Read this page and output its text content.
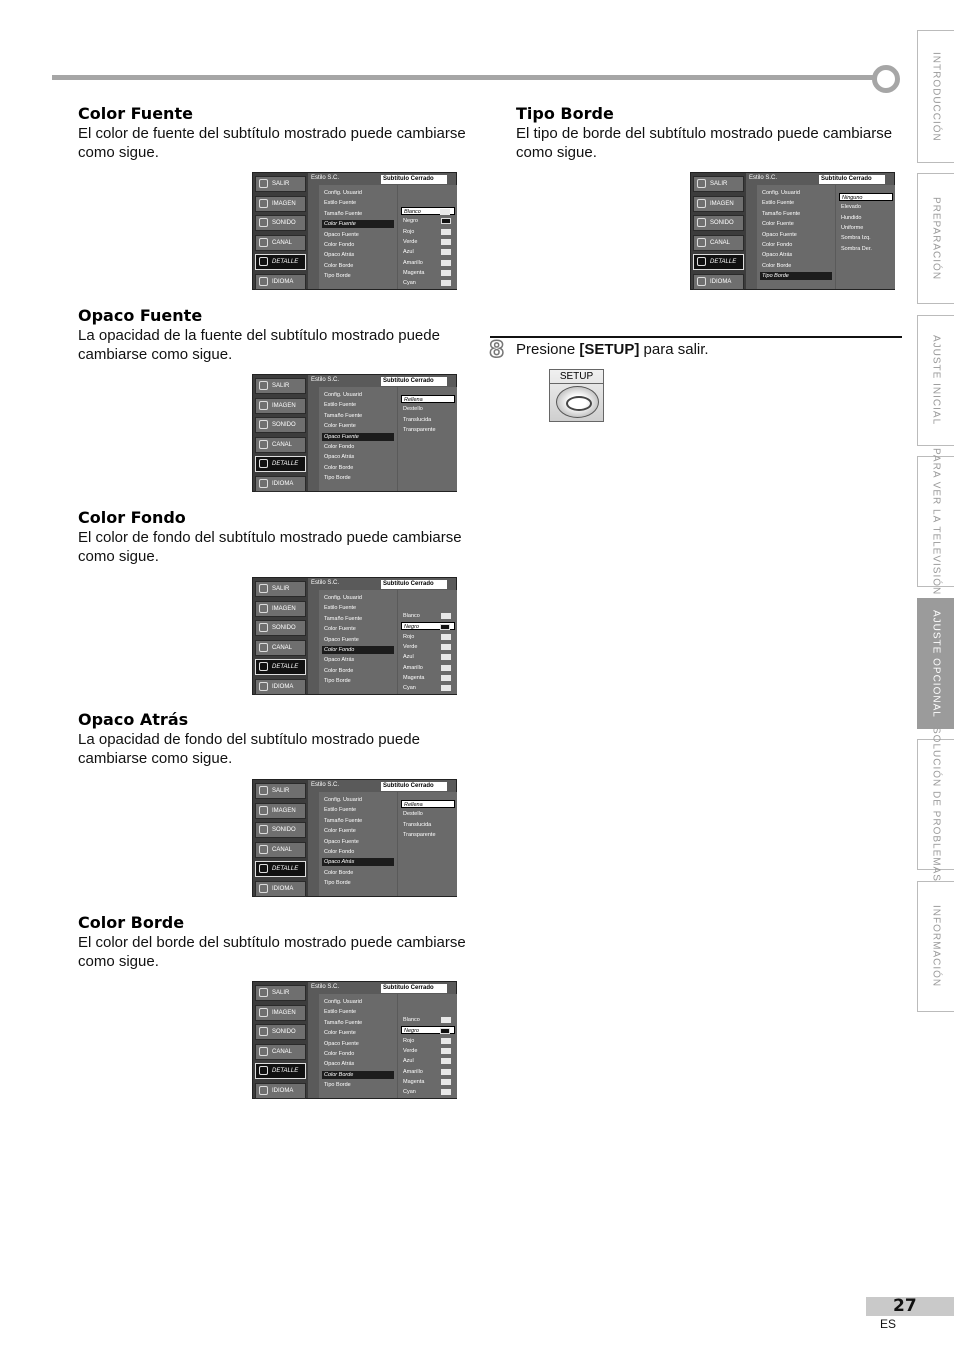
INTRODUCCIÓN
PREPARACIÓN
AJUSTE INICIAL
PARA VER LA TELEVISIÓN
AJUSTE OPCIONAL
SOLUCIÓN DE PROBLEMAS
INFORMACIÓN
Color Fuente

El color de fuente del subtítulo mostrado puede cambiarse como sigue.

Opaco Fuente

La opacidad de la fuente del subtítulo mostrado puede cambiarse como sigue.

Color Fondo

El color de fondo del subtítulo mostrado puede cambiarse como sigue.

Opaco Atrás

La opacidad de fondo del subtítulo mostrado puede cambiarse como sigue.

Color Borde

El color del borde del subtítulo mostrado puede cambiarse como sigue.

Tipo Borde

El tipo de borde del subtítulo mostrado puede cambiarse como sigue.

SALIR
IMAGEN
SONIDO
CANAL
DETALLE
IDIOMA
Estilo S.C.	Subtítulo Cerrado
Config. Usuarid
Estilo Fuente
Tamaño Fuente
Color Fuente
Opaco Fuente
Color Fondo
Opaco Atrás
Color Borde
Tipo Borde
Blanco
Negro
Rojo
Verde
Azul
Amarillo
Magenta
Cyan
SALIR
IMAGEN
SONIDO
CANAL
DETALLE
IDIOMA
Estilo S.C.	Subtítulo Cerrado
Config. Usuarid
Estilo Fuente
Tamaño Fuente
Color Fuente
Opaco Fuente
Color Fondo
Opaco Atrás
Color Borde
Tipo Borde
Rellena
Destello
Translucida
Transparente
SALIR
IMAGEN
SONIDO
CANAL
DETALLE
IDIOMA
Estilo S.C.	Subtítulo Cerrado
Config. Usuarid
Estilo Fuente
Tamaño Fuente
Color Fuente
Opaco Fuente
Color Fondo
Opaco Atrás
Color Borde
Tipo Borde
Blanco
Negro
Rojo
Verde
Azul
Amarillo
Magenta
Cyan
SALIR
IMAGEN
SONIDO
CANAL
DETALLE
IDIOMA
Estilo S.C.	Subtítulo Cerrado
Config. Usuarid
Estilo Fuente
Tamaño Fuente
Color Fuente
Opaco Fuente
Color Fondo
Opaco Atrás
Color Borde
Tipo Borde
Rellena
Destello
Translucida
Transparente
SALIR
IMAGEN
SONIDO
CANAL
DETALLE
IDIOMA
Estilo S.C.	Subtítulo Cerrado
Config. Usuarid
Estilo Fuente
Tamaño Fuente
Color Fuente
Opaco Fuente
Color Fondo
Opaco Atrás
Color Borde
Tipo Borde
Blanco
Negro
Rojo
Verde
Azul
Amarillo
Magenta
Cyan
SALIR
IMAGEN
SONIDO
CANAL
DETALLE
IDIOMA
Estilo S.C.	Subtítulo Cerrado
Config. Usuarid
Estilo Fuente
Tamaño Fuente
Color Fuente
Opaco Fuente
Color Fondo
Opaco Atrás
Color Borde
Tipo Borde
Ninguno
Elevado
Hundido
Uniforme
Sombra Izq.
Sombra Der.
8 Presione [SETUP] para salir.
SETUP
27
ES
